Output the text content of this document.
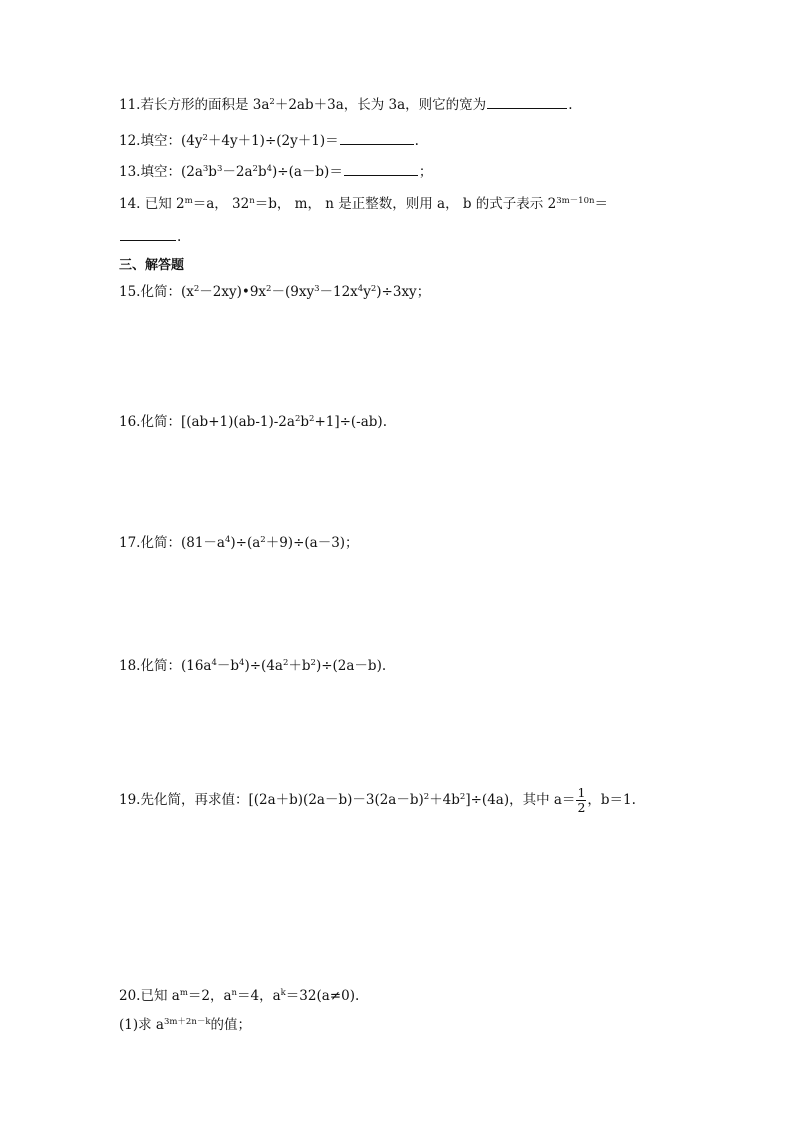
11.若长方形的面积是 $3a^2+2ab+3a$，长为 3a，则它的宽为	.
12.填空：$(4y^2+4y+1)\div(2y+1)=$	.
13.填空：$(2a^3b^3-2a^2b^4)\div(a-b)=$	；
14. 已知 $2^m=a$， $32^n=b$， m， n 是正整数，则用 a， b 的式子表示 $2^{3m-10n}=$
.
三、解答题
15.化简：$(x^2-2xy)•9x^2-(9xy^3-12x^4y^2)\div 3xy$；
16.化简：$[(ab+1)(ab-1)-2a^2b^2+1]\div(-ab)$.
17.化简：$(81-a^4)\div(a^2+9)\div(a-3)$；
18.化简：$(16a^4-b^4)\div(4a^2+b^2)\div(2a-b)$.
19.先化简，再求值：$[(2a+b)(2a-b)-3(2a-b)^2+4b^2]\div(4a)$，其中 $a= \frac{1}{2}$ ，b＝1.
20.已知 $a^m=2$，$a^n=4$，$a^k=32(a\ne 0)$.
(1)求 $a^{3m+2n-k}$的值；
